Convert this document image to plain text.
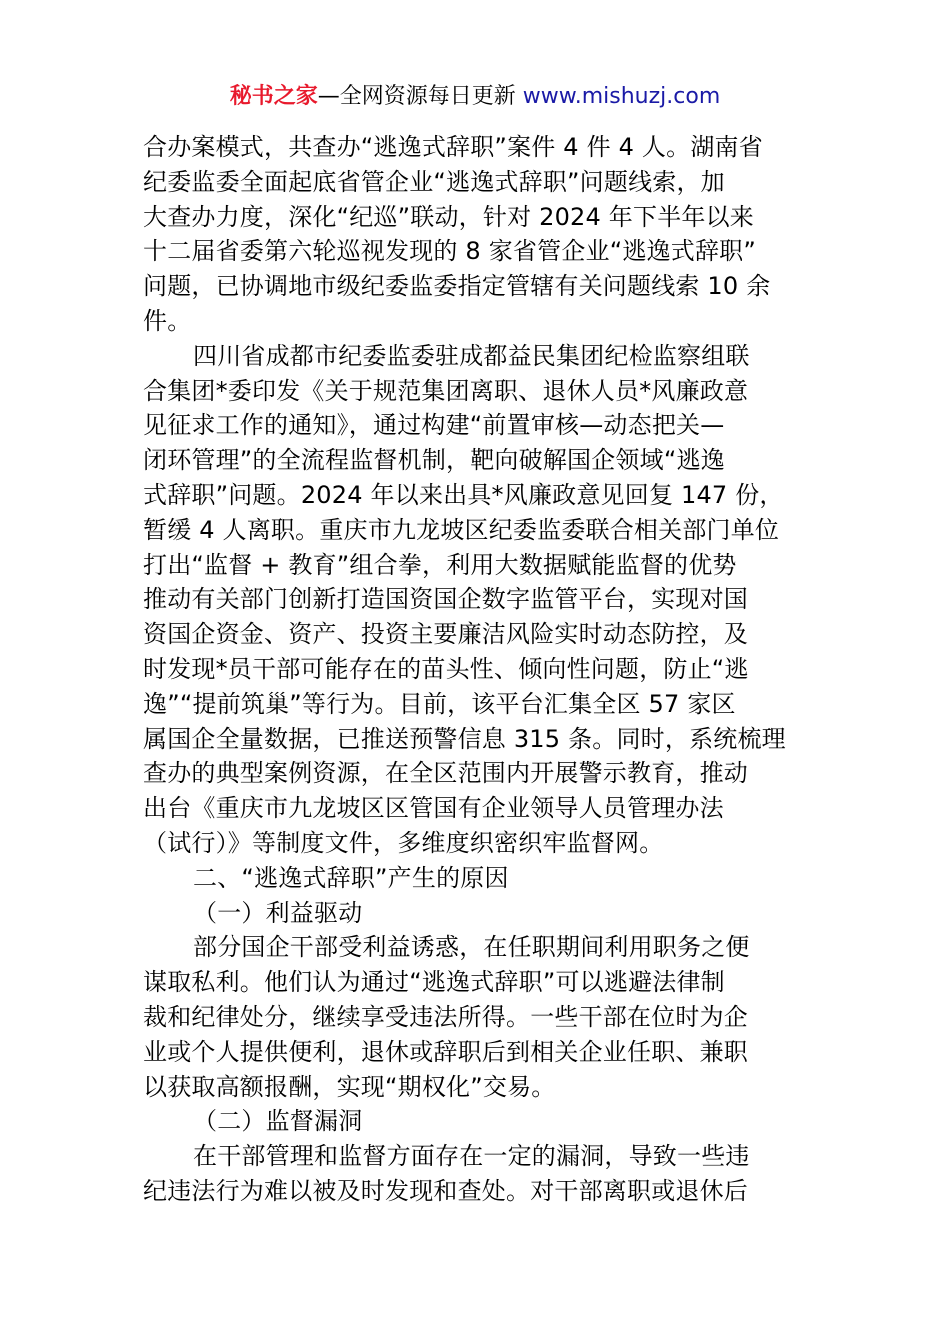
秘书之家—全网资源每日更新 www.mishuzj.com
合办案模式，共查办“逃逸式辞职”案件 4 件 4 人。湖南省
纪委监委全面起底省管企业“逃逸式辞职”问题线索，加
大查办力度，深化“纪巡”联动，针对 2024 年下半年以来
十二届省委第六轮巡视发现的 8 家省管企业“逃逸式辞职”
问题，已协调地市级纪委监委指定管辖有关问题线索 10 余
件。
四川省成都市纪委监委驻成都益民集团纪检监察组联
合集团*委印发《关于规范集团离职、退休人员*风廉政意
见征求工作的通知》，通过构建“前置审核—动态把关—
闭环管理”的全流程监督机制，靶向破解国企领域“逃逸
式辞职”问题。2024 年以来出具*风廉政意见回复 147 份，
暂缓 4 人离职。重庆市九龙坡区纪委监委联合相关部门单位
打出“监督 + 教育”组合拳，利用大数据赋能监督的优势
推动有关部门创新打造国资国企数字监管平台，实现对国
资国企资金、资产、投资主要廉洁风险实时动态防控，及
时发现*员干部可能存在的苗头性、倾向性问题，防止“逃
逸”“提前筑巢”等行为。目前，该平台汇集全区 57 家区
属国企全量数据，已推送预警信息 315 条。同时，系统梳理
查办的典型案例资源，在全区范围内开展警示教育，推动
出台《重庆市九龙坡区区管国有企业领导人员管理办法
（试行）》等制度文件，多维度织密织牢监督网。
二、“逃逸式辞职”产生的原因
（一）利益驱动
部分国企干部受利益诱惑，在任职期间利用职务之便
谋取私利。他们认为通过“逃逸式辞职”可以逃避法律制
裁和纪律处分，继续享受违法所得。一些干部在位时为企
业或个人提供便利，退休或辞职后到相关企业任职、兼职
以获取高额报酬，实现“期权化”交易。
（二）监督漏洞
在干部管理和监督方面存在一定的漏洞，导致一些违
纪违法行为难以被及时发现和查处。对干部离职或退休后
